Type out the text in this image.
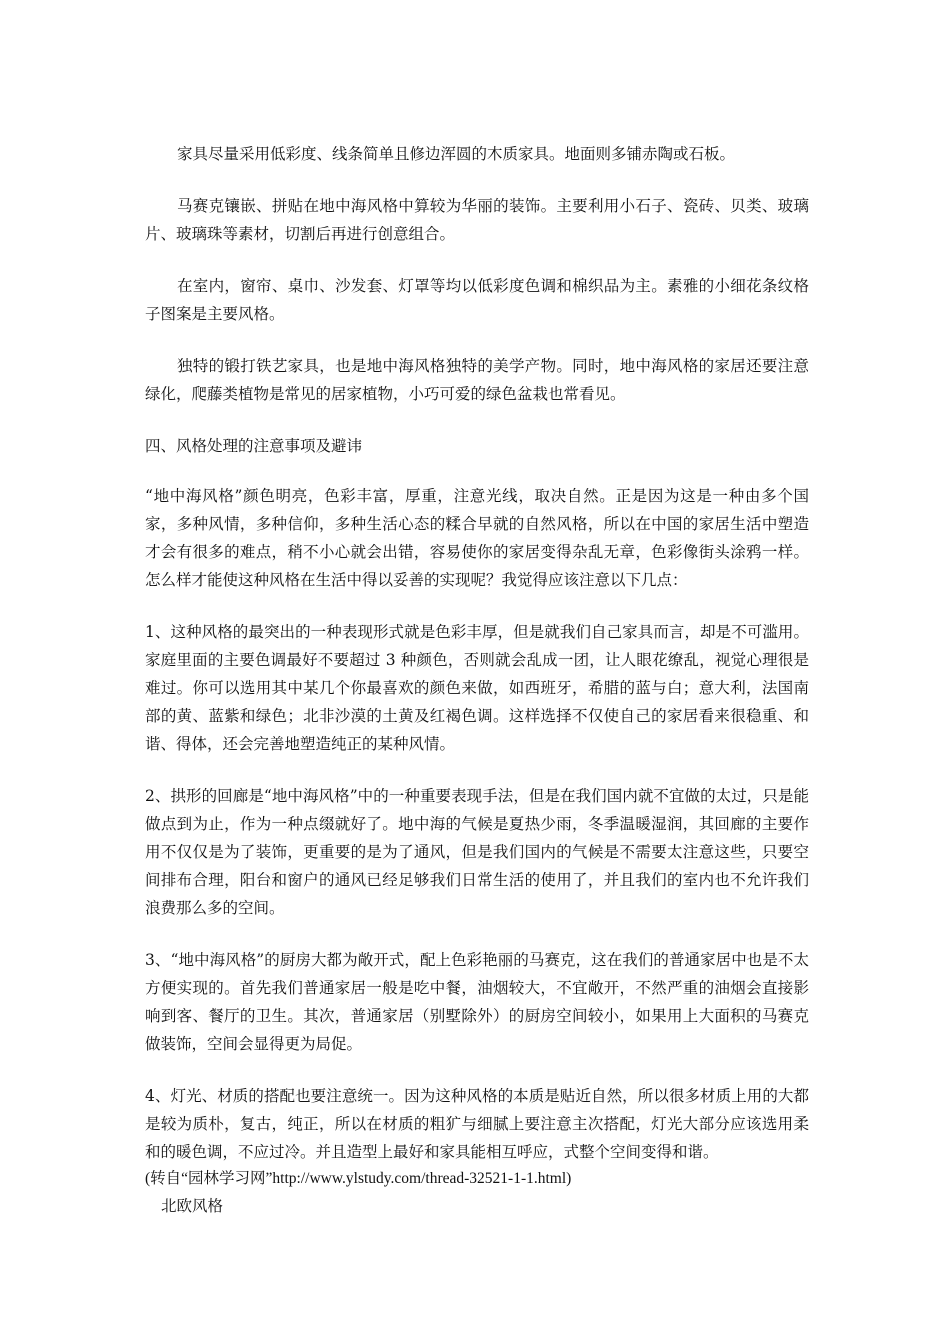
家具尽量采用低彩度、线条简单且修边浑圆的木质家具。地面则多铺赤陶或石板。

马赛克镶嵌、拼贴在地中海风格中算较为华丽的装饰。主要利用小石子、瓷砖、贝类、玻璃片、玻璃珠等素材，切割后再进行创意组合。

在室内，窗帘、桌巾、沙发套、灯罩等均以低彩度色调和棉织品为主。素雅的小细花条纹格子图案是主要风格。

独特的锻打铁艺家具，也是地中海风格独特的美学产物。同时，地中海风格的家居还要注意绿化，爬藤类植物是常见的居家植物，小巧可爱的绿色盆栽也常看见。

四、风格处理的注意事项及避讳

“地中海风格”颜色明亮，色彩丰富，厚重，注意光线，取决自然。正是因为这是一种由多个国家，多种风情，多种信仰，多种生活心态的糅合早就的自然风格，所以在中国的家居生活中塑造才会有很多的难点，稍不小心就会出错，容易使你的家居变得杂乱无章，色彩像街头涂鸦一样。怎么样才能使这种风格在生活中得以妥善的实现呢？我觉得应该注意以下几点：

1、这种风格的最突出的一种表现形式就是色彩丰厚，但是就我们自己家具而言，却是不可滥用。家庭里面的主要色调最好不要超过 3 种颜色，否则就会乱成一团，让人眼花缭乱，视觉心理很是难过。你可以选用其中某几个你最喜欢的颜色来做，如西班牙，希腊的蓝与白；意大利，法国南部的黄、蓝紫和绿色；北非沙漠的土黄及红褐色调。这样选择不仅使自己的家居看来很稳重、和谐、得体，还会完善地塑造纯正的某种风情。

2、拱形的回廊是“地中海风格”中的一种重要表现手法，但是在我们国内就不宜做的太过，只是能做点到为止，作为一种点缀就好了。地中海的气候是夏热少雨，冬季温暖湿润，其回廊的主要作用不仅仅是为了装饰，更重要的是为了通风，但是我们国内的气候是不需要太注意这些，只要空间排布合理，阳台和窗户的通风已经足够我们日常生活的使用了，并且我们的室内也不允许我们浪费那么多的空间。

3、“地中海风格”的厨房大都为敞开式，配上色彩艳丽的马赛克，这在我们的普通家居中也是不太方便实现的。首先我们普通家居一般是吃中餐，油烟较大，不宜敞开，不然严重的油烟会直接影响到客、餐厅的卫生。其次，普通家居（别墅除外）的厨房空间较小，如果用上大面积的马赛克做装饰，空间会显得更为局促。

4、灯光、材质的搭配也要注意统一。因为这种风格的本质是贴近自然，所以很多材质上用的大都是较为质朴，复古，纯正，所以在材质的粗犷与细腻上要注意主次搭配，灯光大部分应该选用柔和的暖色调，不应过冷。并且造型上最好和家具能相互呼应，式整个空间变得和谐。

(转自“园林学习网”http://www.ylstudy.com/thread-32521-1-1.html)

北欧风格
